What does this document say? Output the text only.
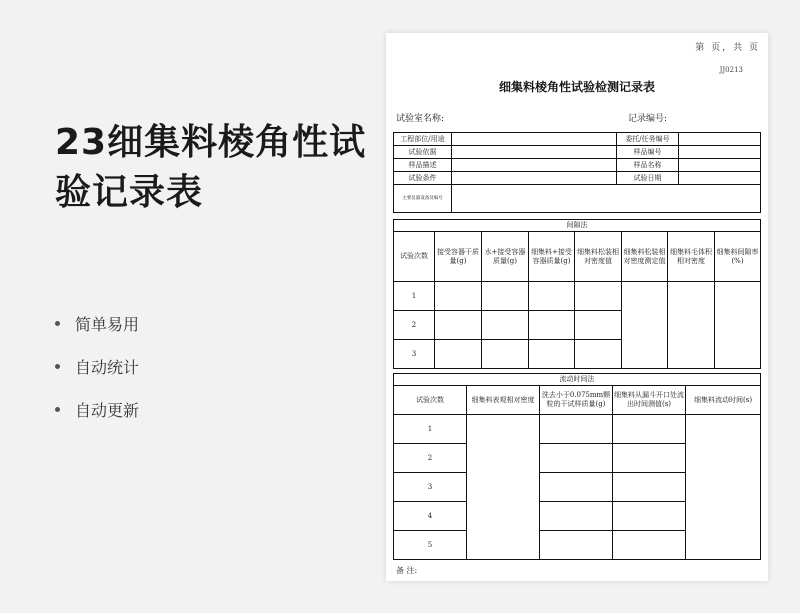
23细集料棱角性试验记录表
简单易用
自动统计
自动更新
第 页，共 页
JJ0213
细集料棱角性试验检测记录表
试验室名称:	记录编号:
工程部位/用途		委托/任务编号	
试验依据		样品编号	
样品描述		样品名称	
试验条件		试验日期	
主要仪器设备及编号			
间隙法							
试验次数	接受容器干质量(g)	水+接受容器质量(g)	细集料+接受容器质量(g)	细集料松装相对密度值	细集料松装相对密度测定值	细集料毛体积相对密度	细集料间隙率(%)
1							
2							
3							
流动时间法				
试验次数	细集料表观相对密度	洗去小于0.075mm颗粒的干试样质量(g)	细集料从漏斗开口处流出时间测值(s)	细集料流动时间(s)
1				
2				
3				
4				
5				
备 注:
